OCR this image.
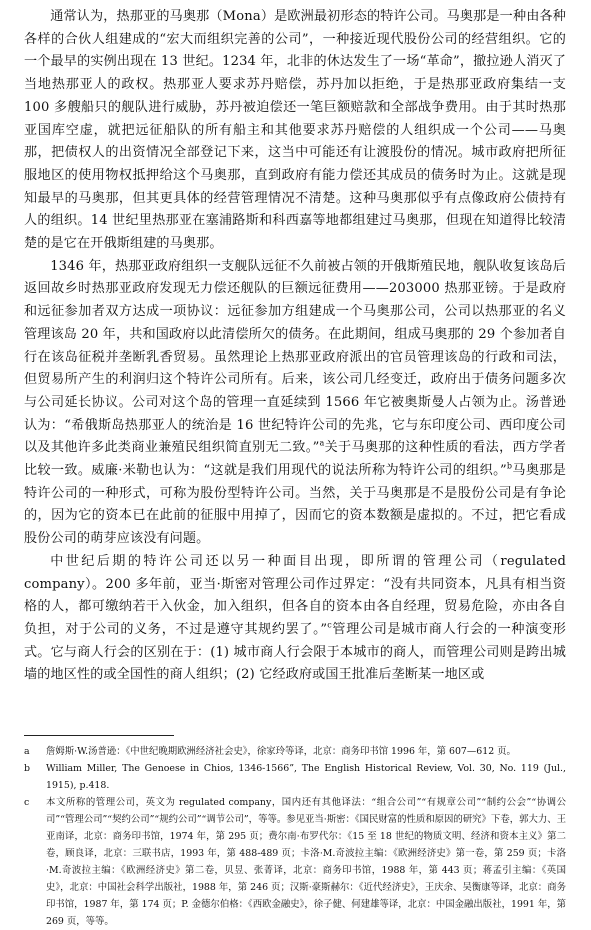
通常认为，热那亚的马奥那（Mona）是欧洲最初形态的特许公司。马奥那是一种由各种各样的合伙人组建成的“宏大而组织完善的公司”，一种接近现代股份公司的经营组织。它的一个最早的实例出现在 13 世纪。1234 年，北非的休达发生了一场“革命”，撤拉逊人消灭了当地热那亚人的政权。热那亚人要求苏丹赔偿，苏丹加以拒绝，于是热那亚政府集结一支 100 多艘船只的舰队进行威胁，苏丹被迫偿还一笔巨额赔款和全部战争费用。由于其时热那亚国库空虚，就把远征船队的所有船主和其他要求苏丹赔偿的人组织成一个公司——马奥那，把债权人的出资情况全部登记下来，这当中可能还有让渡股份的情况。城市政府把所征服地区的使用物权抵押给这个马奥那，直到政府有能力偿还其成员的债务时为止。这就是现知最早的马奥那，但其更具体的经营管理情况不清楚。这种马奥那似乎有点像政府公债持有人的组织。14 世纪里热那亚在塞浦路斯和科西嘉等地都组建过马奥那，但现在知道得比较清楚的是它在开俄斯组建的马奥那。

1346 年，热那亚政府组织一支舰队远征不久前被占领的开俄斯殖民地，舰队收复该岛后返回故乡时热那亚政府发现无力偿还舰队的巨额远征费用——203000 热那亚镑。于是政府和远征参加者双方达成一项协议：远征参加方组建成一个马奥那公司，公司以热那亚的名义管理该岛 20 年，共和国政府以此清偿所欠的债务。在此期间，组成马奥那的 29 个参加者自行在该岛征税并垄断乳香贸易。虽然理论上热那亚政府派出的官员管理该岛的行政和司法，但贸易所产生的利润归这个特许公司所有。后来，该公司几经变迁，政府出于债务问题多次与公司延长协议。公司对这个岛的管理一直延续到 1566 年它被奥斯曼人占领为止。汤普逊认为：“希俄斯岛热那亚人的统治是 16 世纪特许公司的先兆，它与东印度公司、西印度公司以及其他许多此类商业兼殖民组织简直别无二致。”$^a$关于马奥那的这种性质的看法，西方学者比较一致。威廉·米勒也认为：“这就是我们用现代的说法所称为特许公司的组织。”$^b$马奥那是特许公司的一种形式，可称为股份型特许公司。当然，关于马奥那是不是股份公司是有争论的，因为它的资本已在此前的征服中用掉了，因而它的资本数额是虚拟的。不过，把它看成股份公司的萌芽应该没有问题。

中世纪后期的特许公司还以另一种面目出现，即所谓的管理公司（regulated company）。200 多年前，亚当·斯密对管理公司作过界定：“没有共同资本，凡具有相当资格的人，都可缴纳若干入伙金，加入组织，但各自的资本由各自经理，贸易危险，亦由各自负担，对于公司的义务，不过是遵守其规约罢了。”$^c$管理公司是城市商人行会的一种演变形式。它与商人行会的区别在于：(1) 城市商人行会限于本城市的商人，而管理公司则是跨出城墙的地区性的或全国性的商人组织；(2) 它经政府或国王批准后垄断某一地区或

a	詹姆斯·W.汤普逊：《中世纪晚期欧洲经济社会史》，徐家玲等译，北京：商务印书馆 1996 年，第 607—612 页。
b	William Miller, The Genoese in Chios, 1346-1566”, The English Historical Review, Vol. 30, No. 119 (Jul., 1915), p.418.
c	本文所称的管理公司，英文为 regulated company，国内还有其他译法：“组合公司”“有规章公司”“制约公会”“协调公司”“管理公司”“契约公司”“规约公司”“调节公司”，等等。参见亚当·斯密：《国民财富的性质和原因的研究》下卷，郭大力、王亚南译，北京：商务印书馆，1974 年，第 295 页；费尔南·布罗代尔：《15 至 18 世纪的物质文明、经济和资本主义》第二卷，顾良译，北京：三联书店，1993 年，第 488-489 页；卡洛·M.奇波拉主编：《欧洲经济史》第一卷，第 259 页；卡洛·M.奇波拉主编：《欧洲经济史》第二卷，贝昱、张菁译，北京：商务印书馆，1988 年，第 443 页；蒋孟引主编：《英国史》，北京：中国社会科学出版社，1988 年，第 246 页；汉斯·豪斯赫尔：《近代经济史》，王庆余、吴衡康等译，北京：商务印书馆，1987 年，第 174 页；P. 金德尔伯格：《西欧金融史》，徐子健、何建雄等译，北京：中国金融出版社，1991 年，第 269 页，等等。
